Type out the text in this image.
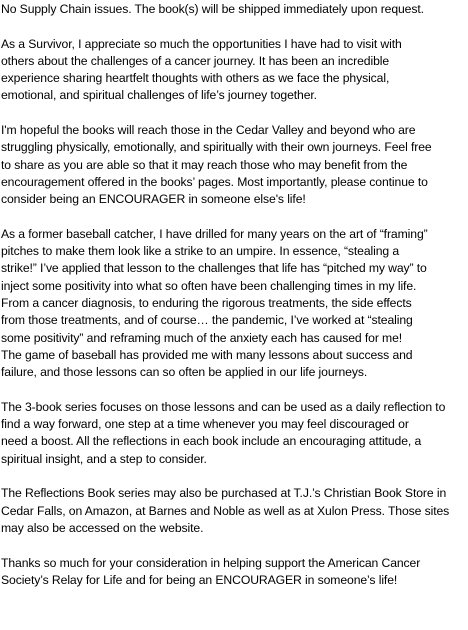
No Supply Chain issues. The book(s) will be shipped immediately upon request.

As a Survivor, I appreciate so much the opportunities I have had to visit with
others about the challenges of a cancer journey. It has been an incredible
experience sharing heartfelt thoughts with others as we face the physical,
emotional, and spiritual challenges of life’s journey together.

I'm hopeful the books will reach those in the Cedar Valley and beyond who are
struggling physically, emotionally, and spiritually with their own journeys. Feel free
to share as you are able so that it may reach those who may benefit from the
encouragement offered in the books’ pages. Most importantly, please continue to
consider being an ENCOURAGER in someone else's life!

As a former baseball catcher, I have drilled for many years on the art of “framing”
pitches to make them look like a strike to an umpire. In essence, “stealing a
strike!” I’ve applied that lesson to the challenges that life has “pitched my way” to
inject some positivity into what so often have been challenging times in my life.
From a cancer diagnosis, to enduring the rigorous treatments, the side effects
from those treatments, and of course… the pandemic, I’ve worked at “stealing
some positivity” and reframing much of the anxiety each has caused for me!
The game of baseball has provided me with many lessons about success and
failure, and those lessons can so often be applied in our life journeys.

The 3-book series focuses on those lessons and can be used as a daily reflection to
find a way forward, one step at a time whenever you may feel discouraged or
need a boost. All the reflections in each book include an encouraging attitude, a
spiritual insight, and a step to consider.

The Reflections Book series may also be purchased at T.J.’s Christian Book Store in
Cedar Falls, on Amazon, at Barnes and Noble as well as at Xulon Press. Those sites
may also be accessed on the website.

Thanks so much for your consideration in helping support the American Cancer
Society’s Relay for Life and for being an ENCOURAGER in someone’s life!
